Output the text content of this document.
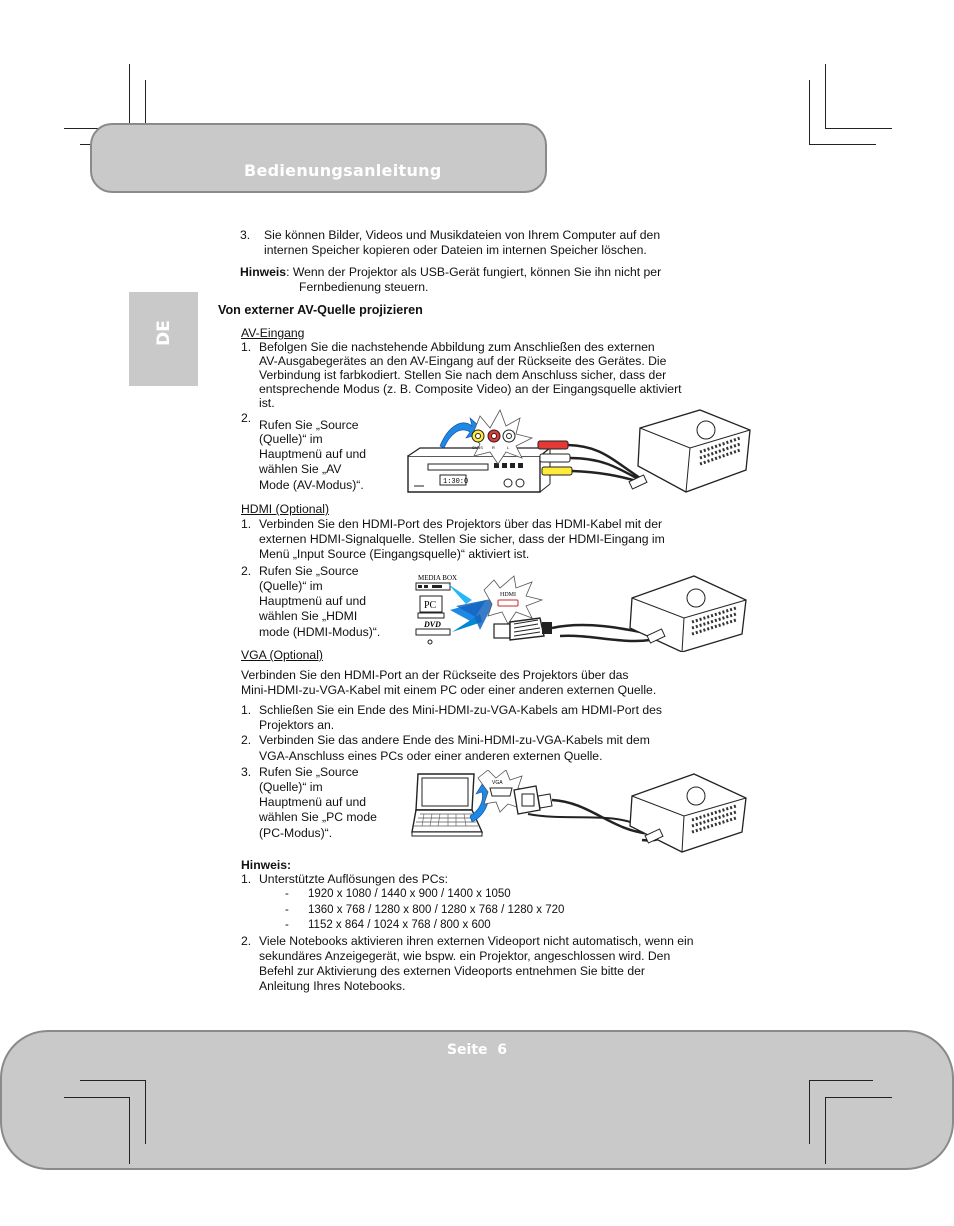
Bedienungsanleitung
DE
3. Sie können Bilder, Videos und Musikdateien von Ihrem Computer auf den
internen Speicher kopieren oder Dateien im internen Speicher löschen.
Hinweis: Wenn der Projektor als USB-Gerät fungiert, können Sie ihn nicht per
Fernbedienung steuern.
Von externer AV-Quelle projizieren
AV-Eingang
1. Befolgen Sie die nachstehende Abbildung zum Anschließen des externen
AV-Ausgabegerätes an den AV-Eingang auf der Rückseite des Gerätes. Die
Verbindung ist farbkodiert. Stellen Sie nach dem Anschluss sicher, dass der
entsprechende Modus (z. B. Composite Video) an der Eingangsquelle aktiviert
ist.
2. Rufen Sie „Source
(Quelle)“ im
Hauptmenü auf und
wählen Sie „AV
Mode (AV-Modus)“.	1:30:0
CVBS R	L
HDMI (Optional)
1. Verbinden Sie den HDMI-Port des Projektors über das HDMI-Kabel mit der
externen HDMI-Signalquelle. Stellen Sie sicher, dass der HDMI-Eingang im
Menü „Input Source (Eingangsquelle)“ aktiviert ist.
2. Rufen Sie „Source
(Quelle)“ im
Hauptmenü auf und
wählen Sie „HDMI
mode (HDMI-Modus)“.
MEDIA BOX
PC
DVD
HDMI
VGA (Optional)
Verbinden Sie den HDMI-Port an der Rückseite des Projektors über das
Mini-HDMI-zu-VGA-Kabel mit einem PC oder einer anderen externen Quelle.
1. Schließen Sie ein Ende des Mini-HDMI-zu-VGA-Kabels am HDMI-Port des
Projektors an.
2. Verbinden Sie das andere Ende des Mini-HDMI-zu-VGA-Kabels mit dem
VGA-Anschluss eines PCs oder einer anderen externen Quelle.
3. Rufen Sie „Source
(Quelle)“ im
Hauptmenü auf und
wählen Sie „PC mode
(PC-Modus)“.
VGA
Hinweis:
1. Unterstützte Auflösungen des PCs:
- 1920 x 1080 / 1440 x 900 / 1400 x 1050
- 1360 x 768 / 1280 x 800 / 1280 x 768 / 1280 x 720
- 1152 x 864 / 1024 x 768 / 800 x 600
2. Viele Notebooks aktivieren ihren externen Videoport nicht automatisch, wenn ein
sekundäres Anzeigegerät, wie bspw. ein Projektor, angeschlossen wird. Den
Befehl zur Aktivierung des externen Videoports entnehmen Sie bitte der
Anleitung Ihres Notebooks.
Seite  6
